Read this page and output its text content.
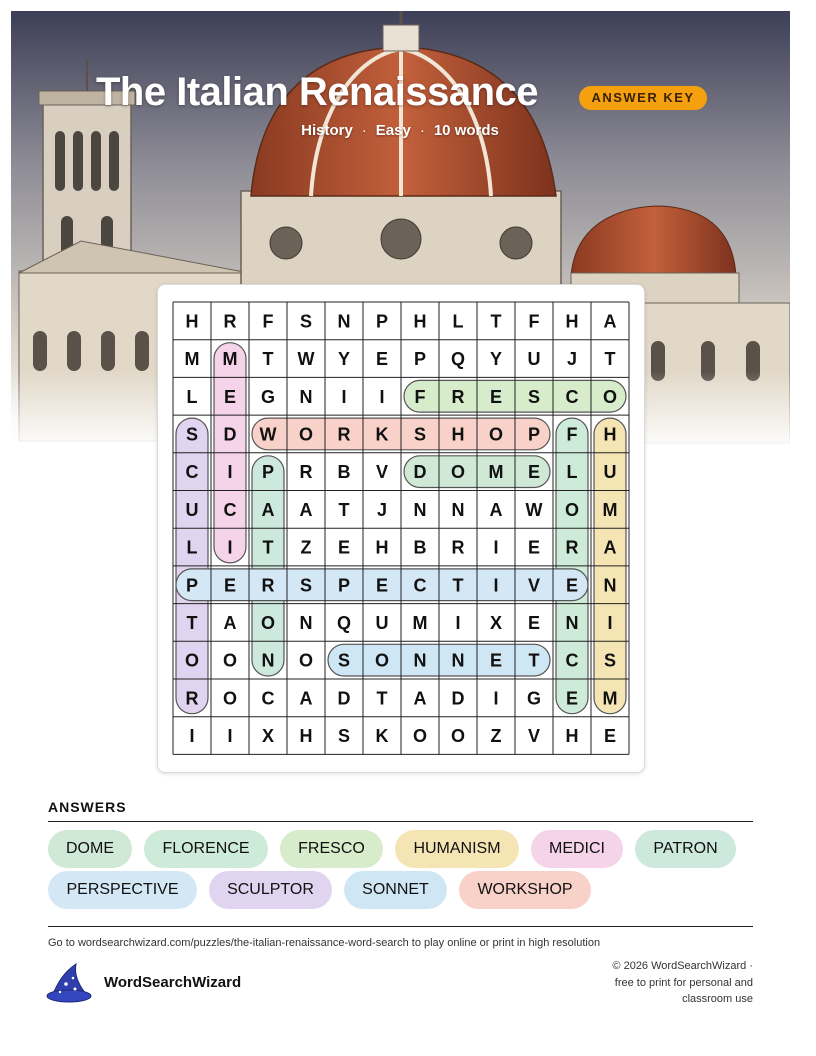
The Italian Renaissance	ANSWER KEY
History · Easy · 10 words
H R F S N P H L T F H A
M M T W Y E P Q Y U J T
L E G N I I F R E S C O
S D W O R K S H O P F H
C I P R B V D O M E L U
U C A A T J N N A W O M
L I T Z E H B R I E R A
P E R S P E C T I V E N
T A O N Q U M I X E N I
O O N O S O N N E T C S
R O C A D T A D I G E M
I I X H S K O O Z V H E
ANSWERS
DOME	FLORENCE	FRESCO	HUMANISM	MEDICI	PATRON
PERSPECTIVE	SCULPTOR	SONNET	WORKSHOP
Go to wordsearchwizard.com/puzzles/the-italian-renaissance-word-search to play online or print in high resolution
WordSearchWizard
© 2026 WordSearchWizard ·
free to print for personal and
classroom use
